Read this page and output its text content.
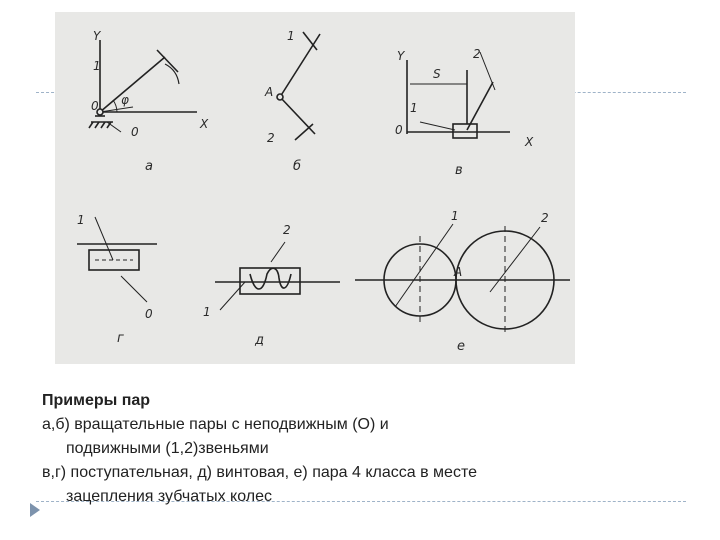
Y
1
0 φ
X
0
а
1
A
2
б
Y	2
S
1
0
X
в
1
0
г
2
1
д
1	2
A
е
Примеры пар
а,б) вращательные пары с неподвижным (О) и
подвижными (1,2)звеньями
в,г) поступательная, д) винтовая, е) пара 4 класса в месте
зацепления зубчатых колес
